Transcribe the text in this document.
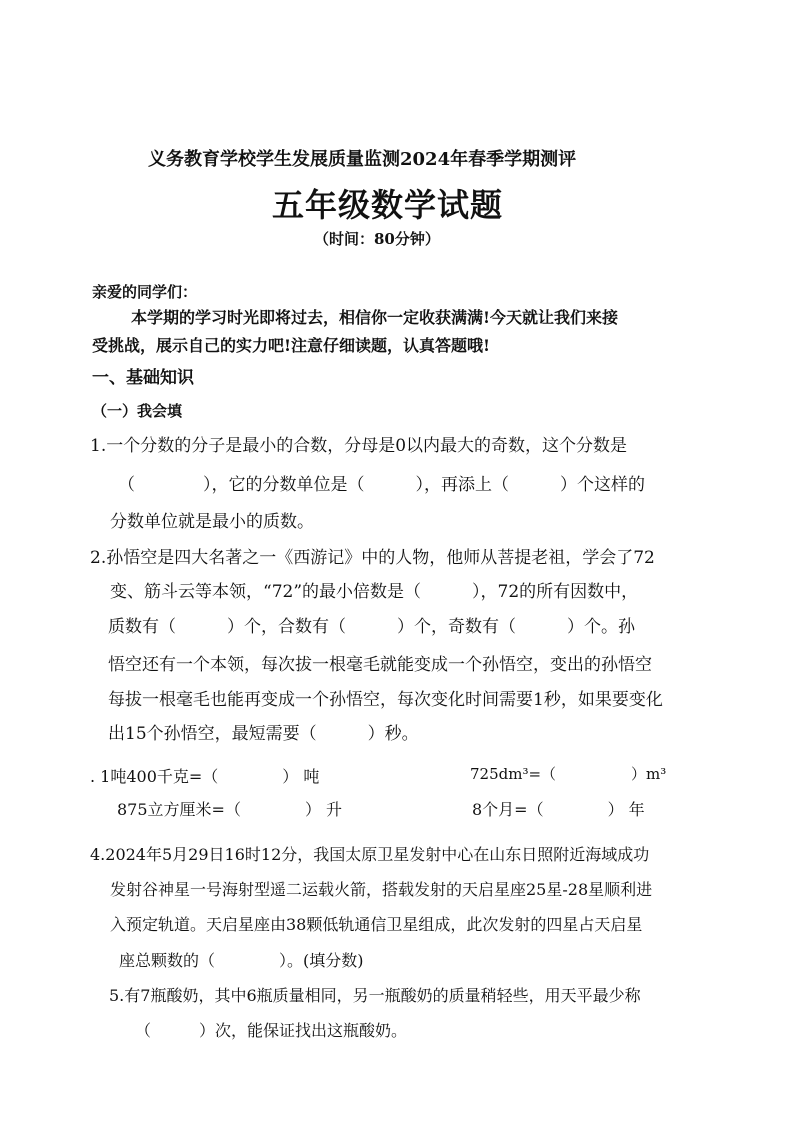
义务教育学校学生发展质量监测2024年春季学期测评
五年级数学试题
（时间：80分钟）
亲爱的同学们：
本学期的学习时光即将过去，相信你一定收获满满!今天就让我们来接
受挑战，展示自己的实力吧!注意仔细读题，认真答题哦!
一、基础知识
（一）我会填
1.一个分数的分子是最小的合数，分母是0以内最大的奇数，这个分数是
（　　　　），它的分数单位是（　　　），再添上（　　　）个这样的
分数单位就是最小的质数。
2.孙悟空是四大名著之一《西游记》中的人物，他师从菩提老祖，学会了72
变、筋斗云等本领，“72”的最小倍数是（　　　），72的所有因数中，
质数有（　　　）个，合数有（　　　）个，奇数有（　　　）个。孙
悟空还有一个本领，每次拔一根毫毛就能变成一个孙悟空，变出的孙悟空
每拔一根毫毛也能再变成一个孙悟空，每次变化时间需要1秒，如果要变化
出15个孙悟空，最短需要（　　　）秒。
. 1吨400千克=（　　　　） 吨	725dm³=（　　　　　）m³
875立方厘米=（　　　　） 升	8个月=（　　　　） 年
4.2024年5月29日16时12分，我国太原卫星发射中心在山东日照附近海域成功
发射谷神星一号海射型遥二运载火箭，搭载发射的天启星座25星-28星顺利进
入预定轨道。天启星座由38颗低轨通信卫星组成，此次发射的四星占天启星
座总颗数的（　　　　）。(填分数)
5.有7瓶酸奶，其中6瓶质量相同，另一瓶酸奶的质量稍轻些，用天平最少称
（　　　）次，能保证找出这瓶酸奶。
